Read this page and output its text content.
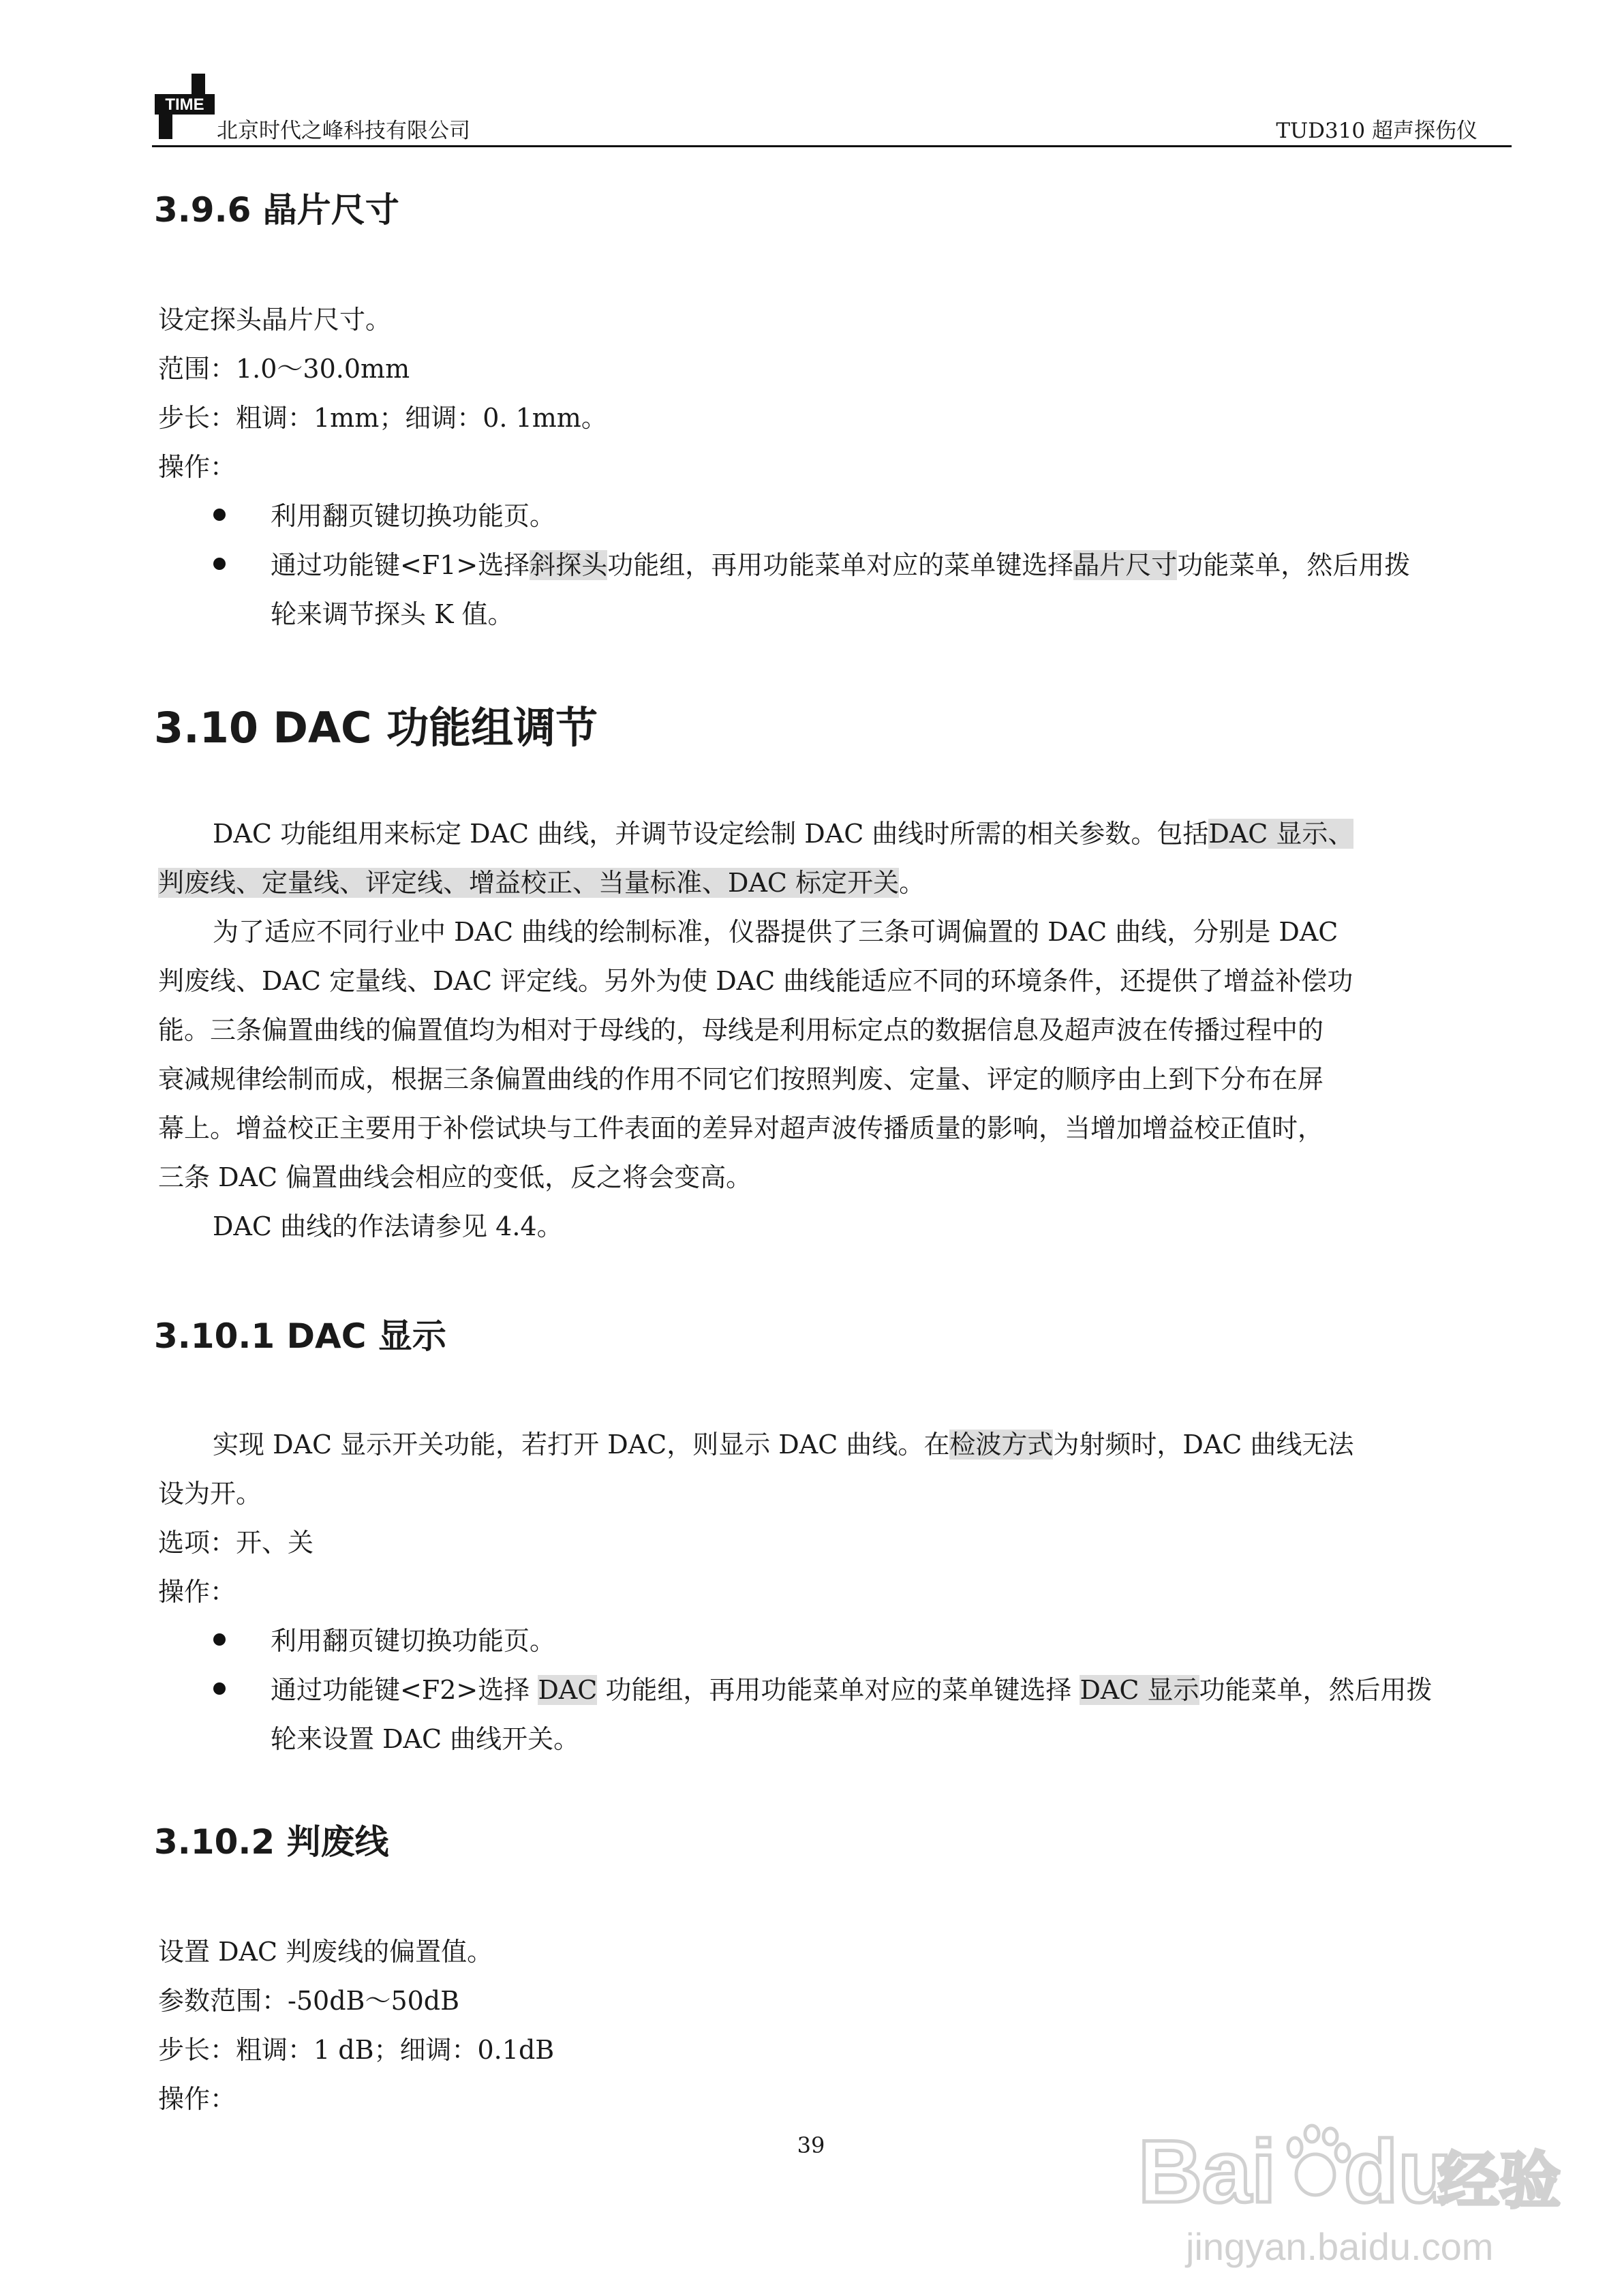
TIME
北京时代之峰科技有限公司	TUD310 超声探伤仪
3.9.6 晶片尺寸
设定探头晶片尺寸。
范围：1.0～30.0mm
步长：粗调：1mm；细调：0. 1mm。
操作：
利用翻页键切换功能页。
通过功能键<F1>选择斜探头功能组，再用功能菜单对应的菜单键选择晶片尺寸功能菜单，然后用拨
轮来调节探头 K 值。
3.10 DAC 功能组调节
DAC 功能组用来标定 DAC 曲线，并调节设定绘制 DAC 曲线时所需的相关参数。包括DAC 显示、
判废线、定量线、评定线、增益校正、当量标准、DAC 标定开关。
为了适应不同行业中 DAC 曲线的绘制标准，仪器提供了三条可调偏置的 DAC 曲线，分别是 DAC
判废线、DAC 定量线、DAC 评定线。另外为使 DAC 曲线能适应不同的环境条件，还提供了增益补偿功
能。三条偏置曲线的偏置值均为相对于母线的，母线是利用标定点的数据信息及超声波在传播过程中的
衰减规律绘制而成，根据三条偏置曲线的作用不同它们按照判废、定量、评定的顺序由上到下分布在屏
幕上。增益校正主要用于补偿试块与工件表面的差异对超声波传播质量的影响，当增加增益校正值时，
三条 DAC 偏置曲线会相应的变低，反之将会变高。
DAC 曲线的作法请参见 4.4。
3.10.1 DAC 显示
实现 DAC 显示开关功能，若打开 DAC，则显示 DAC 曲线。在检波方式为射频时，DAC 曲线无法
设为开。
选项：开、关
操作：
利用翻页键切换功能页。
通过功能键<F2>选择 DAC 功能组，再用功能菜单对应的菜单键选择 DAC 显示功能菜单，然后用拨
轮来设置 DAC 曲线开关。
3.10.2 判废线
设置 DAC 判废线的偏置值。
参数范围：-50dB～50dB
步长：粗调：1 dB；细调：0.1dB
操作：
39	Bai du
经验
jingyan.baidu.com
